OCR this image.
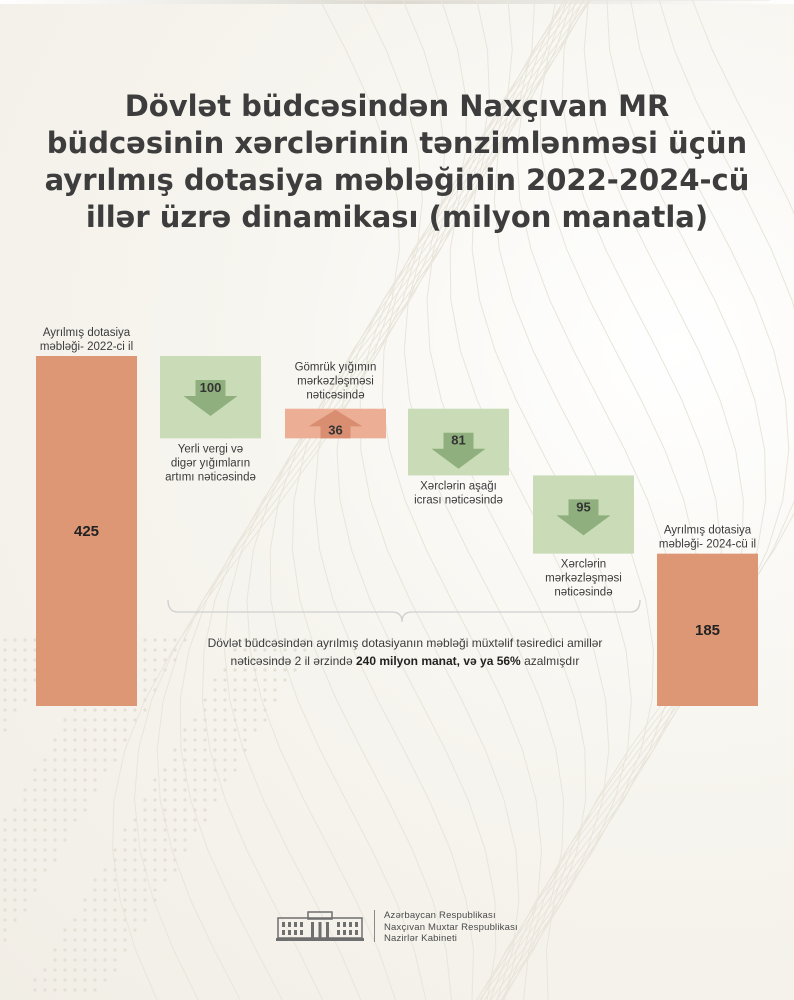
Dövlət büdcəsindən Naxçıvan MR büdcəsinin xərclərinin tənzimlənməsi üçün ayrılmış dotasiya məbləğinin 2022-2024-cü illər üzrə dinamikası (milyon manatla)
425
Ayrılmış dotasiya
məbləği- 2022-ci il
100
Yerli vergi və
digər yığımların
artımı nəticəsində
36
Gömrük yığımın
mərkəzləşməsi
nəticəsində
81
Xərclərin aşağı
icrası nəticəsində	95
Xərclərin
mərkəzləşməsi
nəticəsində
185
Ayrılmış dotasiya
məbləği- 2024-cü il

Dövlət büdcəsindən ayrılmış dotasiyanın məbləği müxtəlif təsiredici amillər
nəticəsində 2 il ərzində 240 milyon manat, və ya 56% azalmışdır

Azərbaycan Respublikası
Naxçıvan Muxtar Respublikası
Nazirlər Kabineti
